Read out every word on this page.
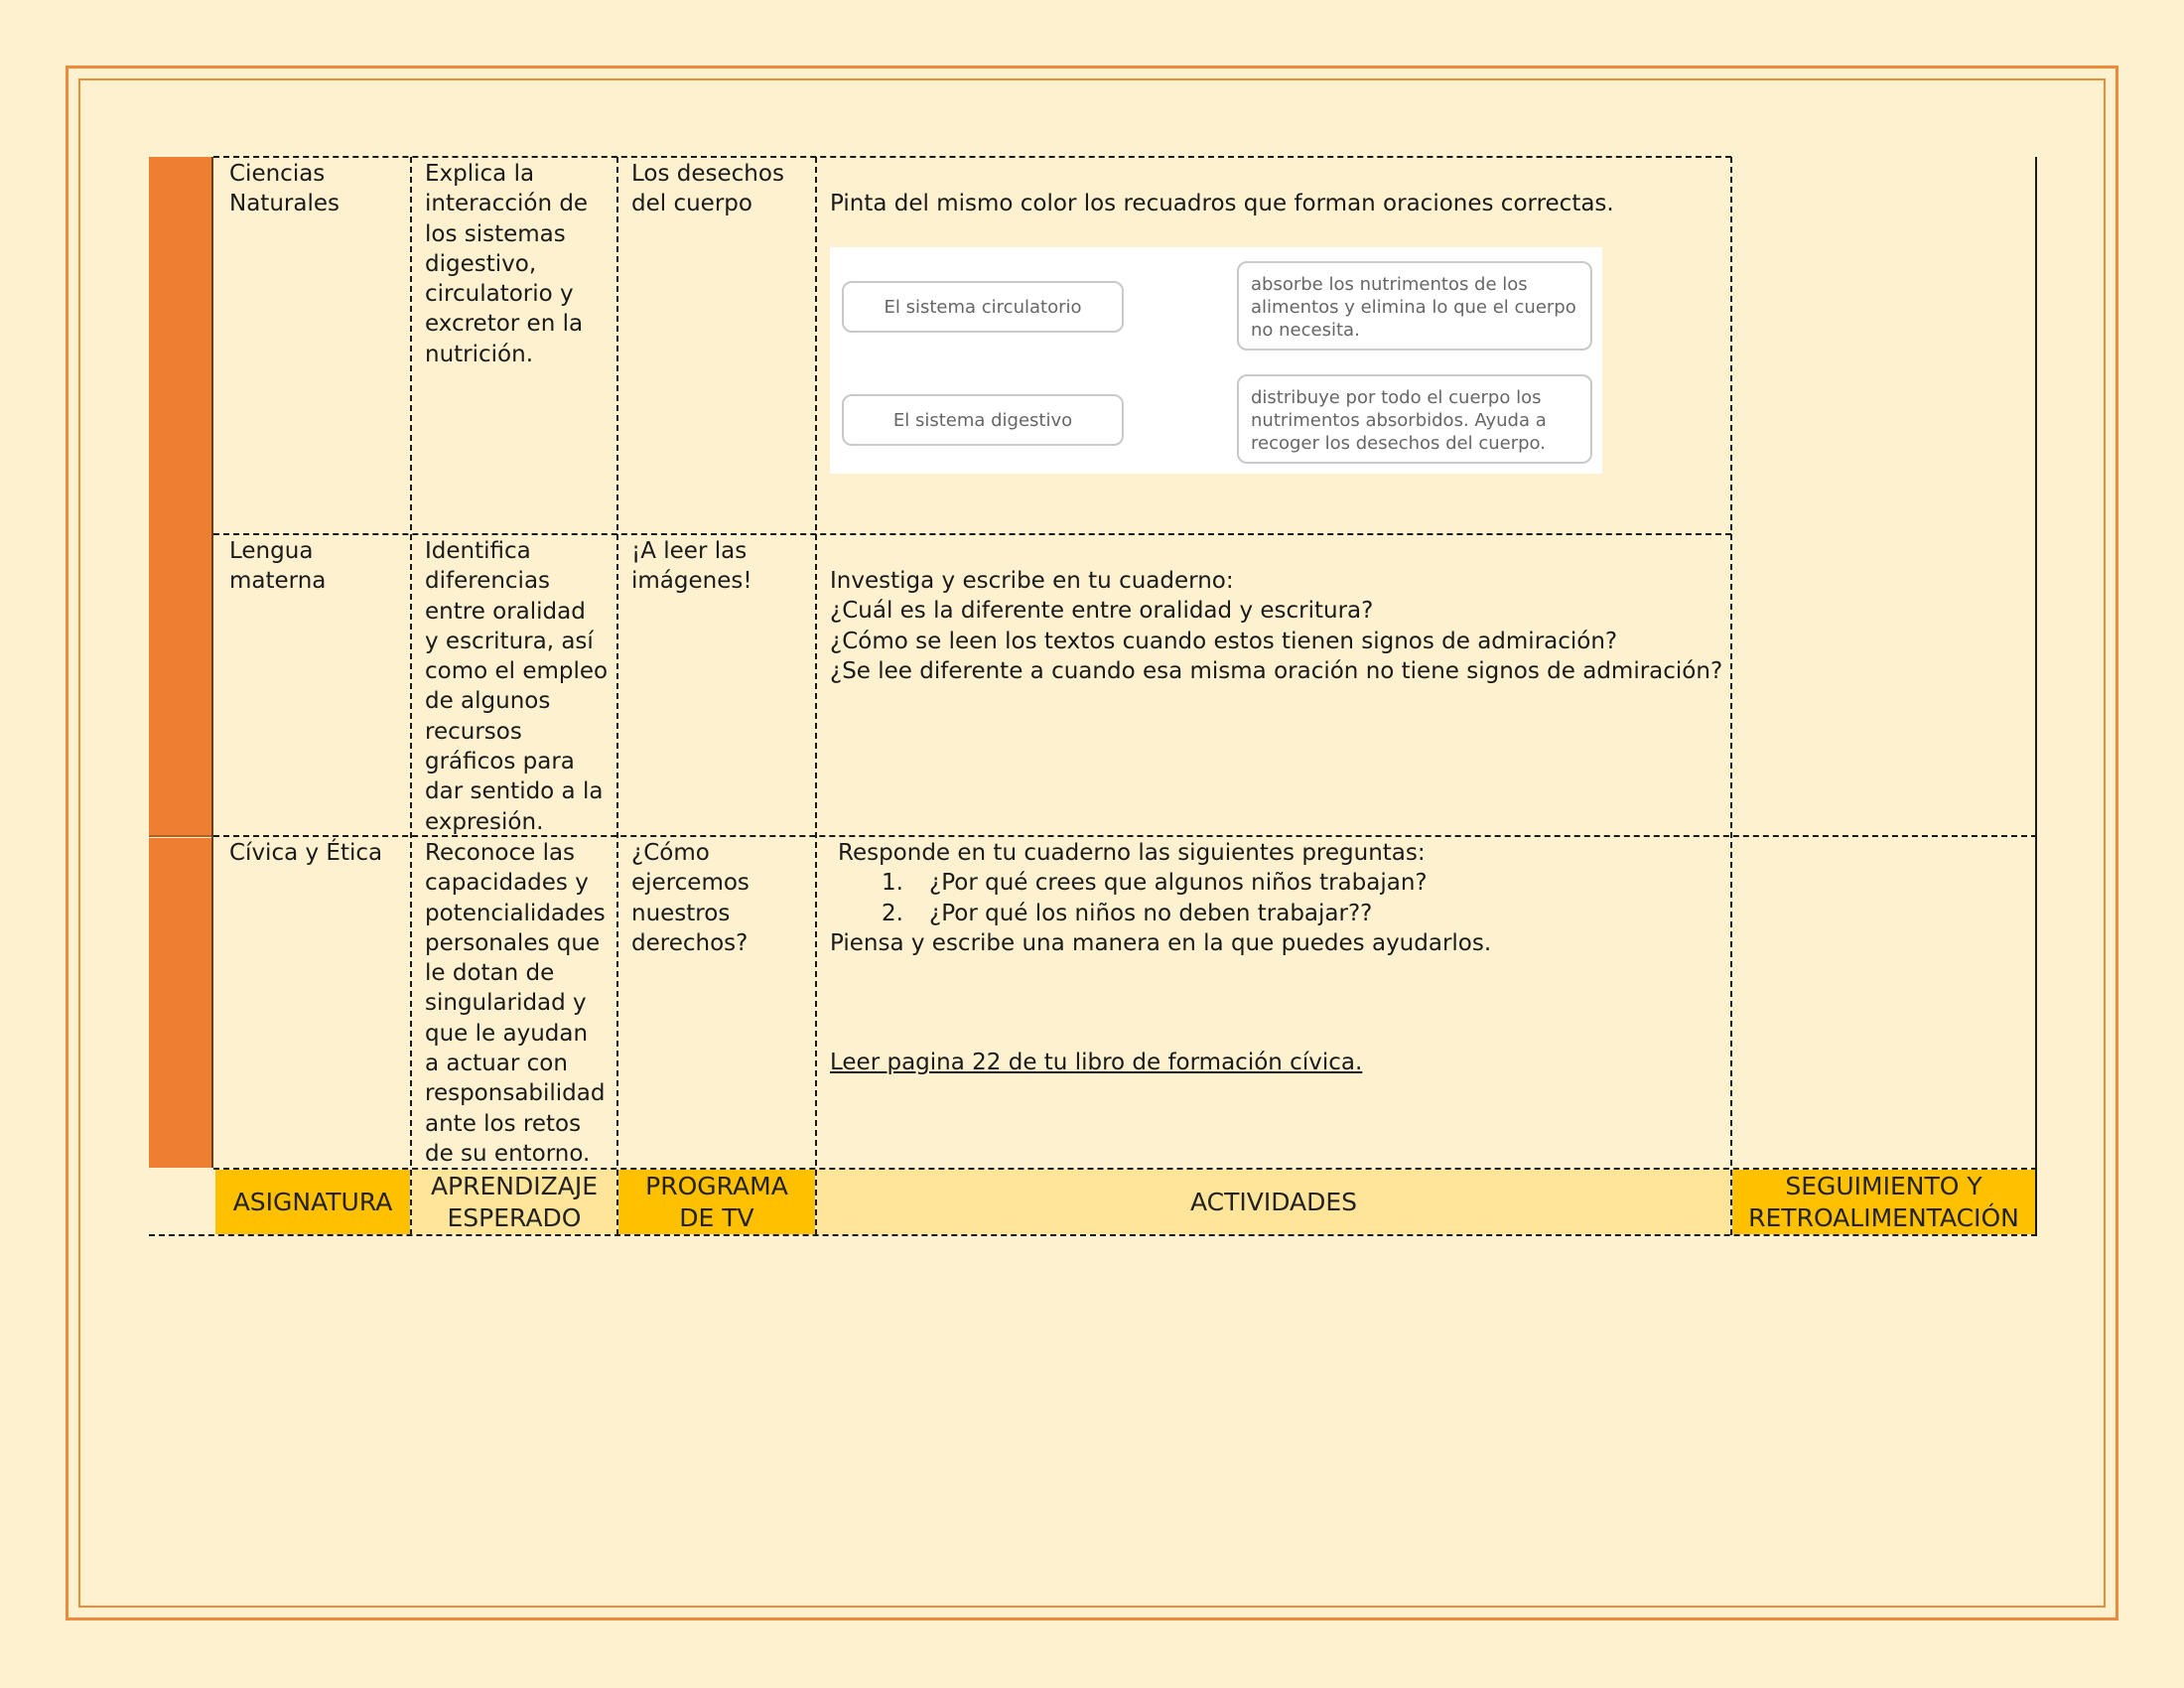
Ciencias
Naturales
Explica la
interacción de
los sistemas
digestivo,
circulatorio y
excretor en la
nutrición.
Los desechos
del cuerpo	Pinta del mismo color los recuadros que forman oraciones correctas.
El sistema circulatorio
El sistema digestivo
absorbe los nutrimentos de los alimentos y elimina lo que el cuerpo no necesita.
distribuye por todo el cuerpo los nutrimentos absorbidos. Ayuda a recoger los desechos del cuerpo.
Lengua
materna
Identifica
diferencias
entre oralidad
y escritura, así
como el empleo
de algunos
recursos
gráficos para
dar sentido a la
expresión.
¡A leer las
imágenes!	Investiga y escribe en tu cuaderno:
¿Cuál es la diferente entre oralidad y escritura?
¿Cómo se leen los textos cuando estos tienen signos de admiración?
¿Se lee diferente a cuando esa misma oración no tiene signos de admiración?
Cívica y Ética Reconoce las
capacidades y
potencialidades
personales que
le dotan de
singularidad y
que le ayudan
a actuar con
responsabilidad
ante los retos
de su entorno.
¿Cómo
ejercemos
nuestros
derechos?
Responde en tu cuaderno las siguientes preguntas:
1. ¿Por qué crees que algunos niños trabajan?
2. ¿Por qué los niños no deben trabajar??
Piensa y escribe una manera en la que puedes ayudarlos.
Leer pagina 22 de tu libro de formación cívica.
ASIGNATURA
APRENDIZAJE
ESPERADO
PROGRAMA
DE TV
ACTIVIDADES
SEGUIMIENTO Y
RETROALIMENTACIÓN
